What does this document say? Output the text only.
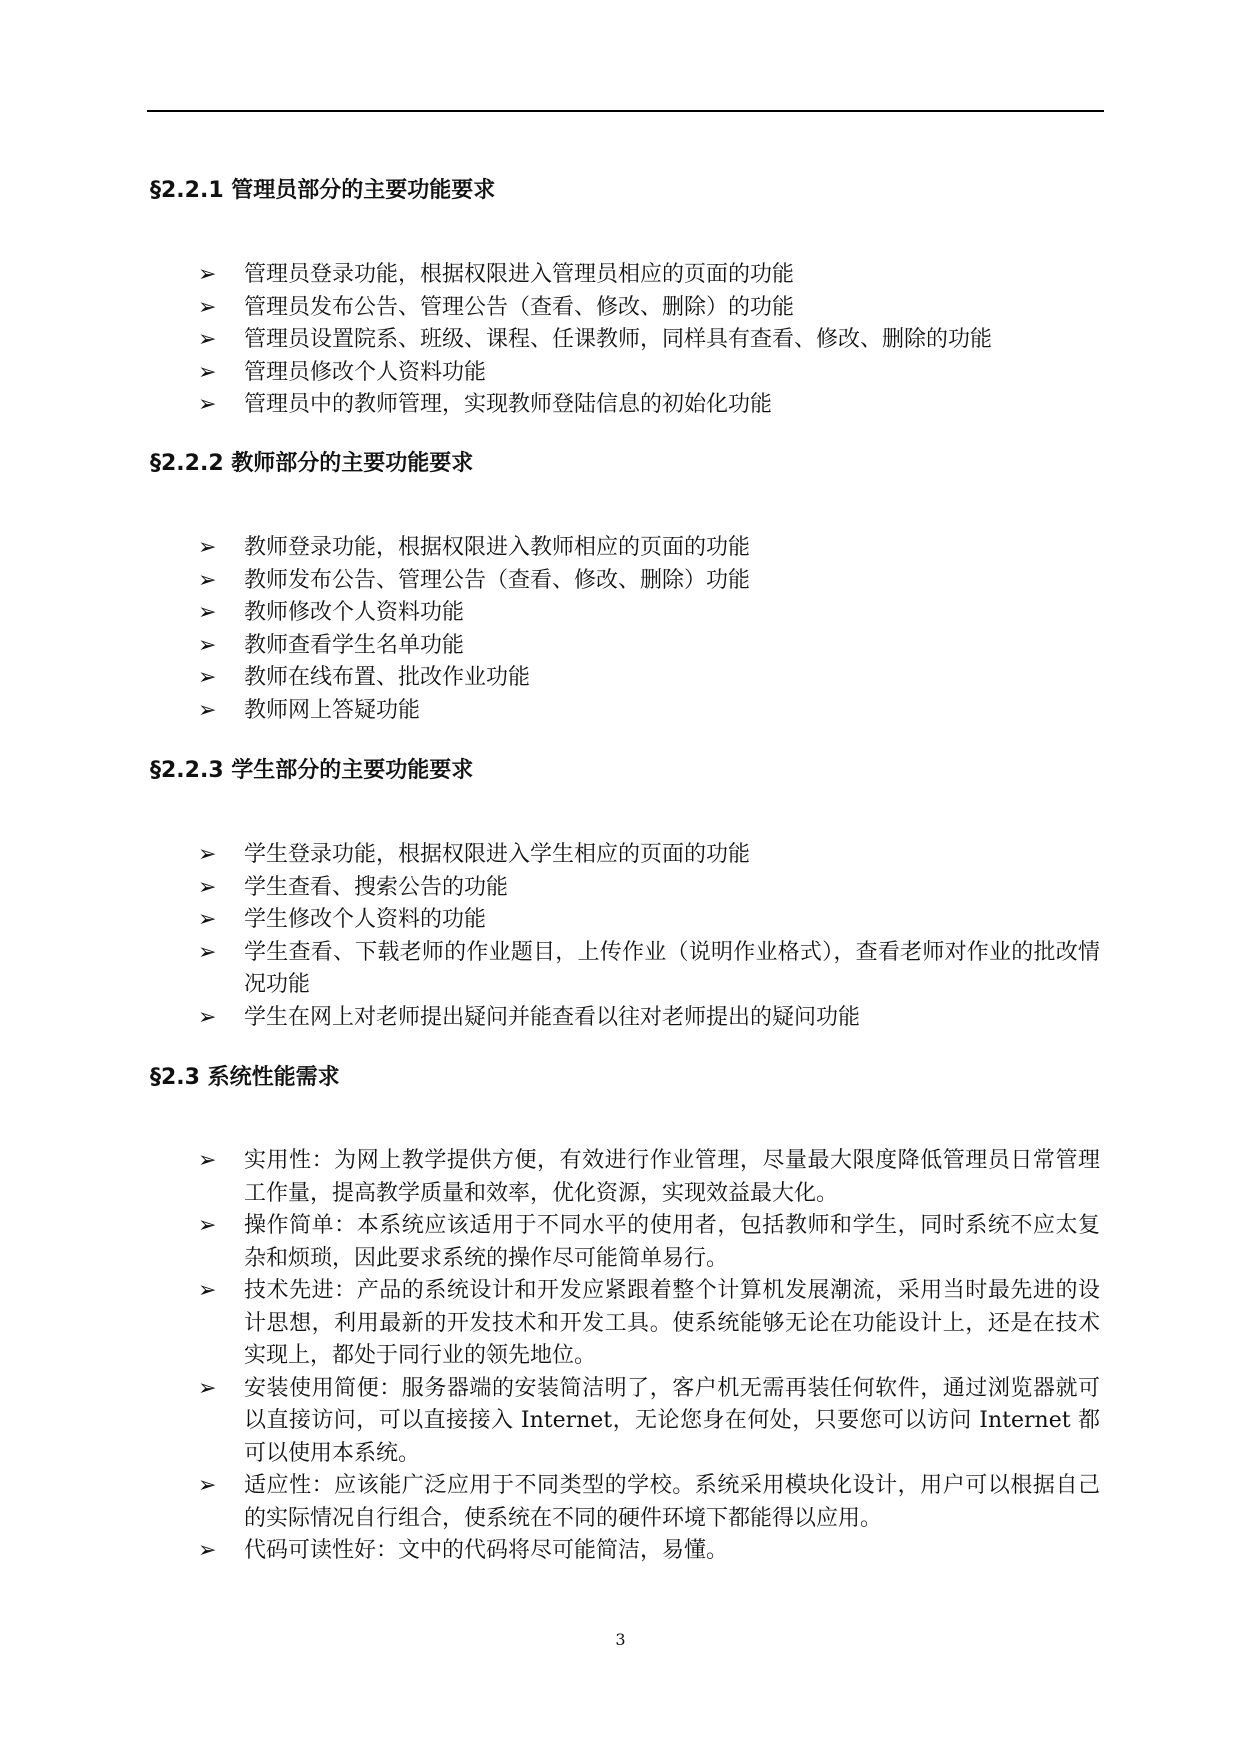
§2.2.1 管理员部分的主要功能要求
➢ 管理员登录功能，根据权限进入管理员相应的页面的功能
➢ 管理员发布公告、管理公告（查看、修改、删除）的功能
➢ 管理员设置院系、班级、课程、任课教师，同样具有查看、修改、删除的功能
➢ 管理员修改个人资料功能
➢ 管理员中的教师管理，实现教师登陆信息的初始化功能
§2.2.2 教师部分的主要功能要求
➢ 教师登录功能，根据权限进入教师相应的页面的功能
➢ 教师发布公告、管理公告（查看、修改、删除）功能
➢ 教师修改个人资料功能
➢ 教师查看学生名单功能
➢ 教师在线布置、批改作业功能
➢ 教师网上答疑功能
§2.2.3 学生部分的主要功能要求
➢ 学生登录功能，根据权限进入学生相应的页面的功能
➢ 学生查看、搜索公告的功能
➢ 学生修改个人资料的功能
➢ 学生查看、下载老师的作业题目，上传作业（说明作业格式），查看老师对作业的批改情况功能
➢ 学生在网上对老师提出疑问并能查看以往对老师提出的疑问功能
§2.3 系统性能需求
➢ 实用性：为网上教学提供方便，有效进行作业管理，尽量最大限度降低管理员日常管理工作量，提高教学质量和效率，优化资源，实现效益最大化。
➢ 操作简单：本系统应该适用于不同水平的使用者，包括教师和学生，同时系统不应太复杂和烦琐，因此要求系统的操作尽可能简单易行。
➢ 技术先进：产品的系统设计和开发应紧跟着整个计算机发展潮流，采用当时最先进的设计思想，利用最新的开发技术和开发工具。使系统能够无论在功能设计上，还是在技术实现上，都处于同行业的领先地位。
➢ 安装使用简便：服务器端的安装简洁明了，客户机无需再装任何软件，通过浏览器就可以直接访问，可以直接接入 Internet，无论您身在何处，只要您可以访问 Internet 都可以使用本系统。
➢ 适应性：应该能广泛应用于不同类型的学校。系统采用模块化设计，用户可以根据自己的实际情况自行组合，使系统在不同的硬件环境下都能得以应用。
➢ 代码可读性好：文中的代码将尽可能简洁，易懂。
3
